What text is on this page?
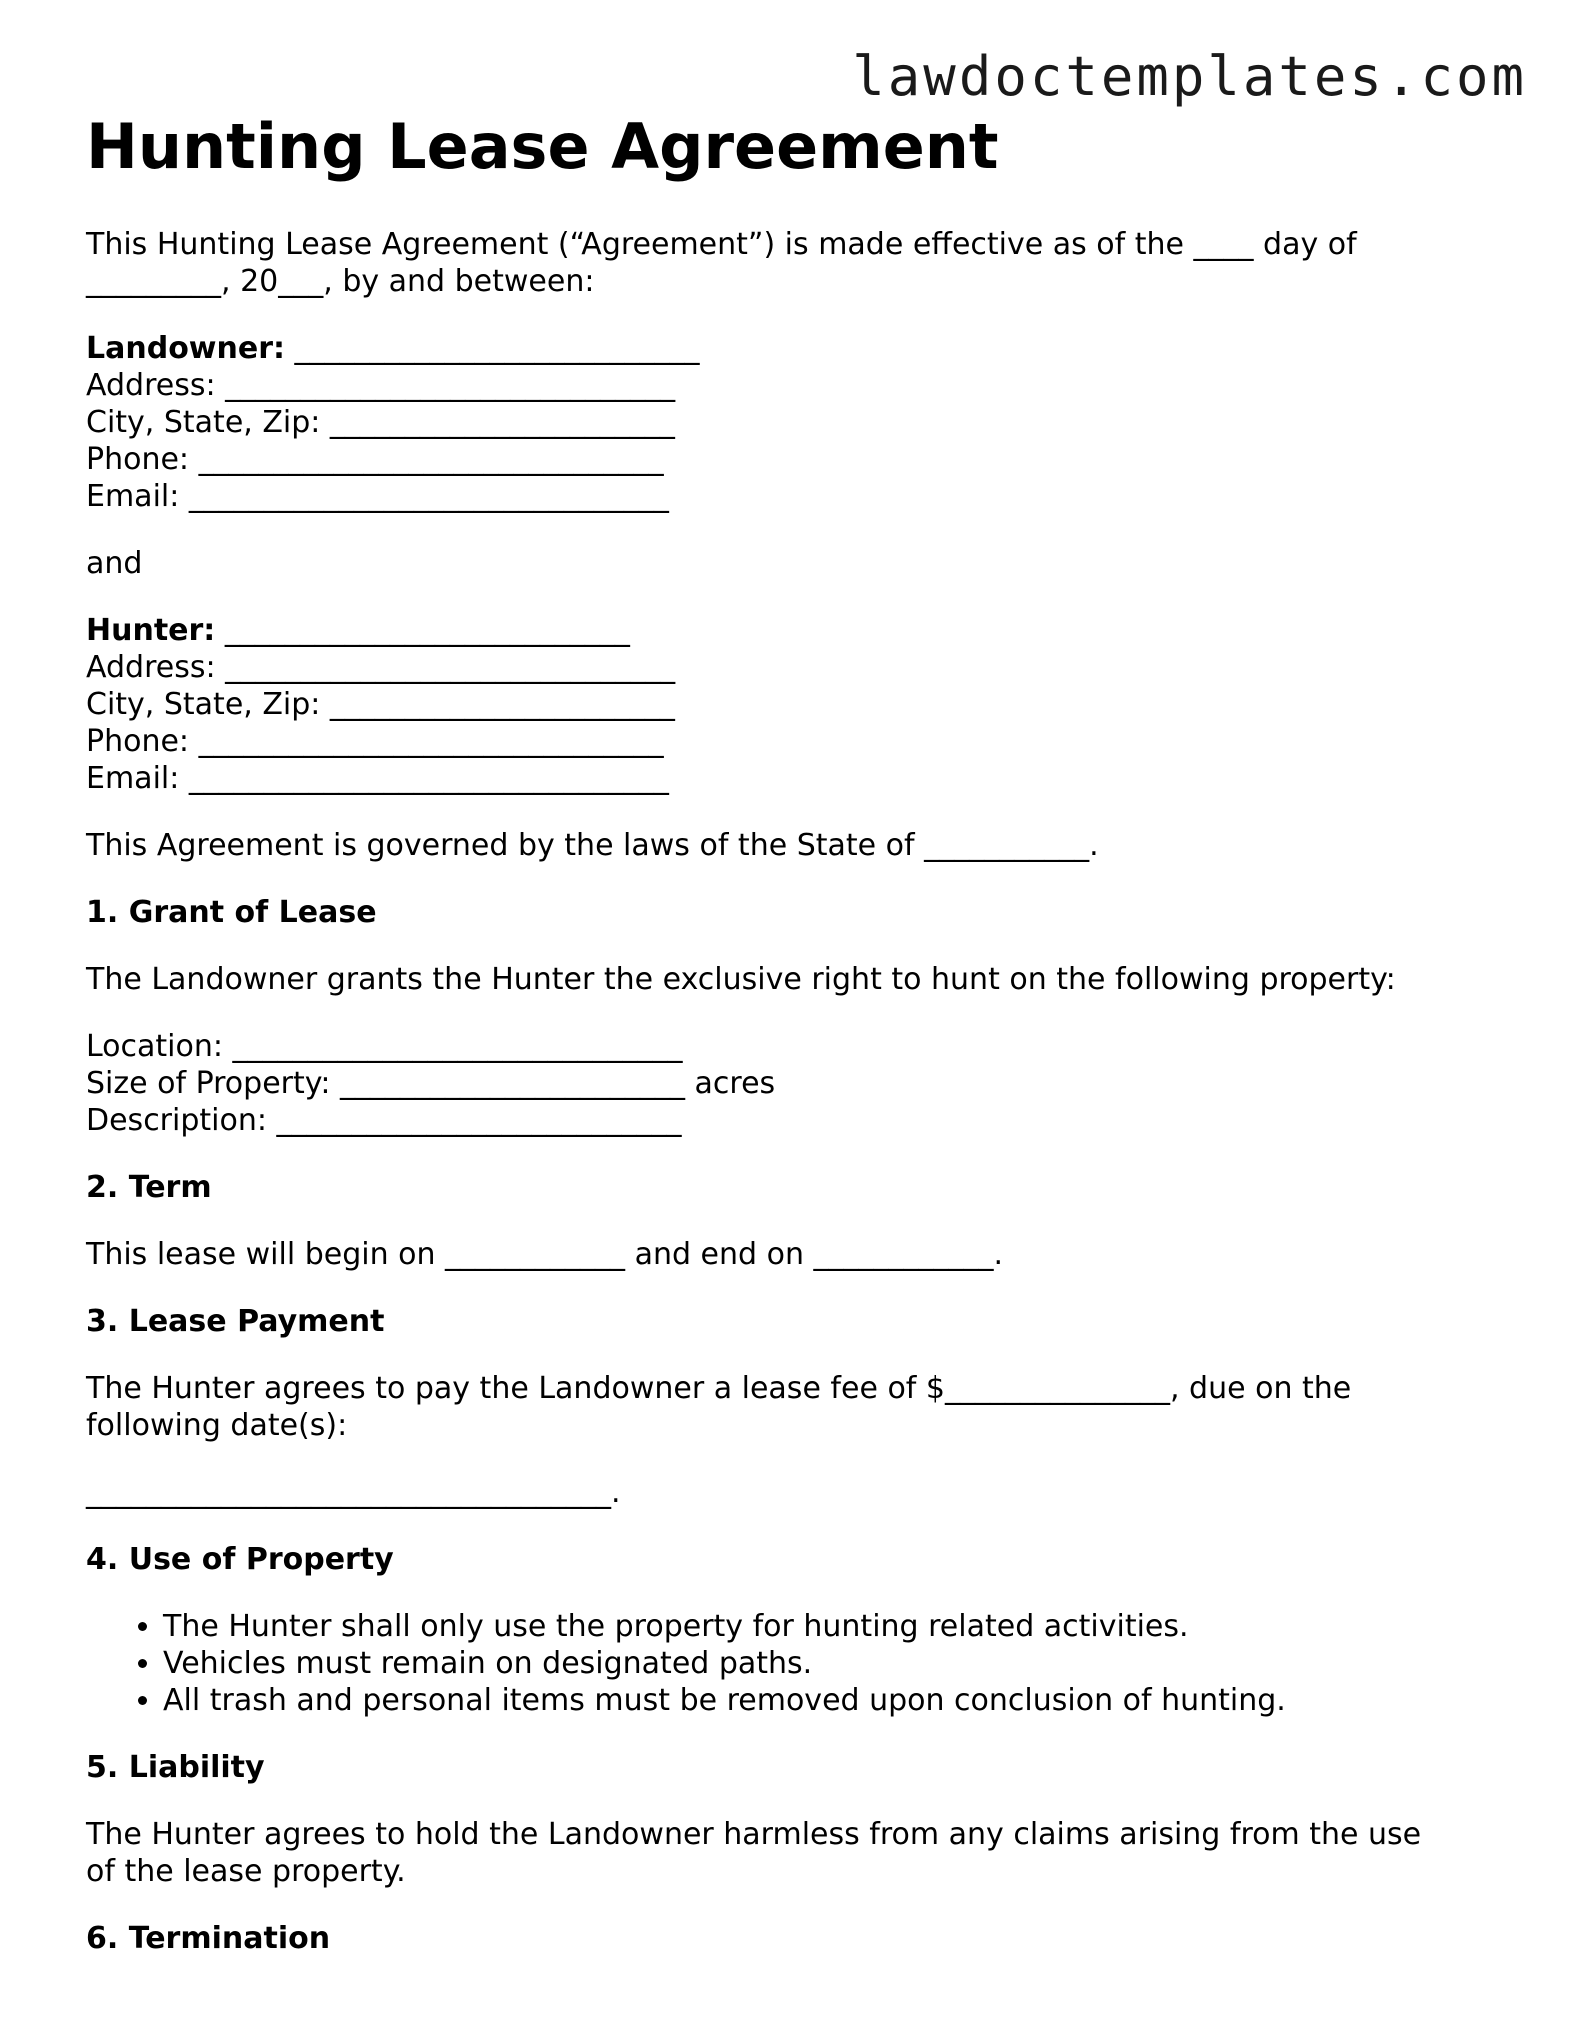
lawdoctemplates.com
Hunting Lease Agreement

This Hunting Lease Agreement (“Agreement”) is made effective as of the ____ day of
_________, 20___, by and between:

Landowner: ___________________________
Address: ______________________________
City, State, Zip: _______________________
Phone: _______________________________
Email: ________________________________

and

Hunter: ___________________________
Address: ______________________________
City, State, Zip: _______________________
Phone: _______________________________
Email: ________________________________

This Agreement is governed by the laws of the State of ___________.

1. Grant of Lease

The Landowner grants the Hunter the exclusive right to hunt on the following property:

Location: ______________________________
Size of Property: _______________________ acres
Description: ___________________________
2. Term

This lease will begin on ____________ and end on ____________.

3. Lease Payment

The Hunter agrees to pay the Landowner a lease fee of $_______________, due on the
following date(s):

___________________________________.

4. Use of Property
• The Hunter shall only use the property for hunting related activities.
• Vehicles must remain on designated paths.
• All trash and personal items must be removed upon conclusion of hunting.
5. Liability

The Hunter agrees to hold the Landowner harmless from any claims arising from the use
of the lease property.

6. Termination
